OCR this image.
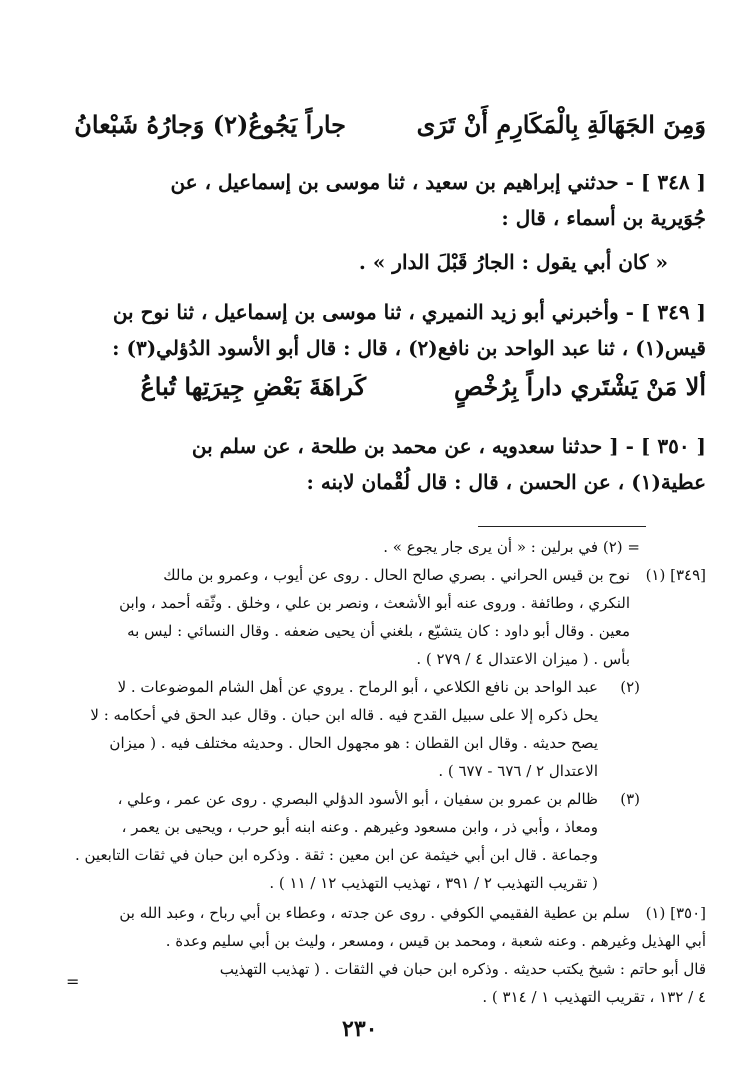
وَمِنَ الجَهَالَةِ بِالْمَكَارِمِ أَنْ تَرَى
جاراً يَجُوعُ(٢) وَجارُهُ شَبْعانُ
[ ٣٤٨ ] - حدثني إبراهيم بن سعيد ، ثنا موسى بن إسماعيل ، عن
جُوَيرية بن أسماء ، قال :
« كان أبي يقول : الجارُ قَبْلَ الدار » .
[ ٣٤٩ ] - وأخبرني أبو زيد النميري ، ثنا موسى بن إسماعيل ، ثنا نوح بن
قيس(١) ، ثنا عبد الواحد بن نافع(٢) ، قال : قال أبو الأسود الدُؤلي(٣) :
ألا مَنْ يَشْتَري داراً بِرُخْصٍ
كَراهَةَ بَعْضِ جِيرَتِها تُباعُ
[ ٣٥٠ ] - [ حدثنا سعدويه ، عن محمد بن طلحة ، عن سلم بن
عطية(١) ، عن الحسن ، قال : قال لُقْمان لابنه :
= (٢)
في برلين : « أن يرى جار يجوع » .
[٣٤٩] (١)
نوح بن قيس الحراني . بصري صالح الحال . روى عن أيوب ، وعمرو بن مالك
النكري ، وطائفة . وروى عنه أبو الأشعث ، ونصر بن علي ، وخلق . وثّقه أحمد ، وابن
معين . وقال أبو داود : كان يتشيّع ، بلغني أن يحيى ضعفه . وقال النسائي : ليس به
بأس . ( ميزان الاعتدال ٤ / ٢٧٩ ) .
(٢)
عبد الواحد بن نافع الكلاعي ، أبو الرماح . يروي عن أهل الشام الموضوعات . لا
يحل ذكره إلا على سبيل القدح فيه . قاله ابن حبان . وقال عبد الحق في أحكامه : لا
يصح حديثه . وقال ابن القطان : هو مجهول الحال . وحديثه مختلف فيه . ( ميزان
الاعتدال ٢ / ٦٧٦ - ٦٧٧ ) .
(٣)
ظالم بن عمرو بن سفيان ، أبو الأسود الدؤلي البصري . روى عن عمر ، وعلي ،
ومعاذ ، وأبي ذر ، وابن مسعود وغيرهم . وعنه ابنه أبو حرب ، ويحيى بن يعمر ،
وجماعة . قال ابن أبي خيثمة عن ابن معين : ثقة . وذكره ابن حبان في ثقات التابعين .
( تقريب التهذيب ٢ / ٣٩١ ، تهذيب التهذيب ١٢ / ١١ ) .
[٣٥٠] (١)
سلم بن عطية الفقيمي الكوفي . روى عن جدته ، وعطاء بن أبي رباح ، وعبد الله بن
أبي الهذيل وغيرهم . وعنه شعبة ، ومحمد بن قيس ، ومسعر ، وليث بن أبي سليم وعدة .
قال أبو حاتم : شيخ يكتب حديثه . وذكره ابن حبان في الثقات . ( تهذيب التهذيب
٤ / ١٣٢ ، تقريب التهذيب ١ / ٣١٤ ) .
=
٢٣٠
